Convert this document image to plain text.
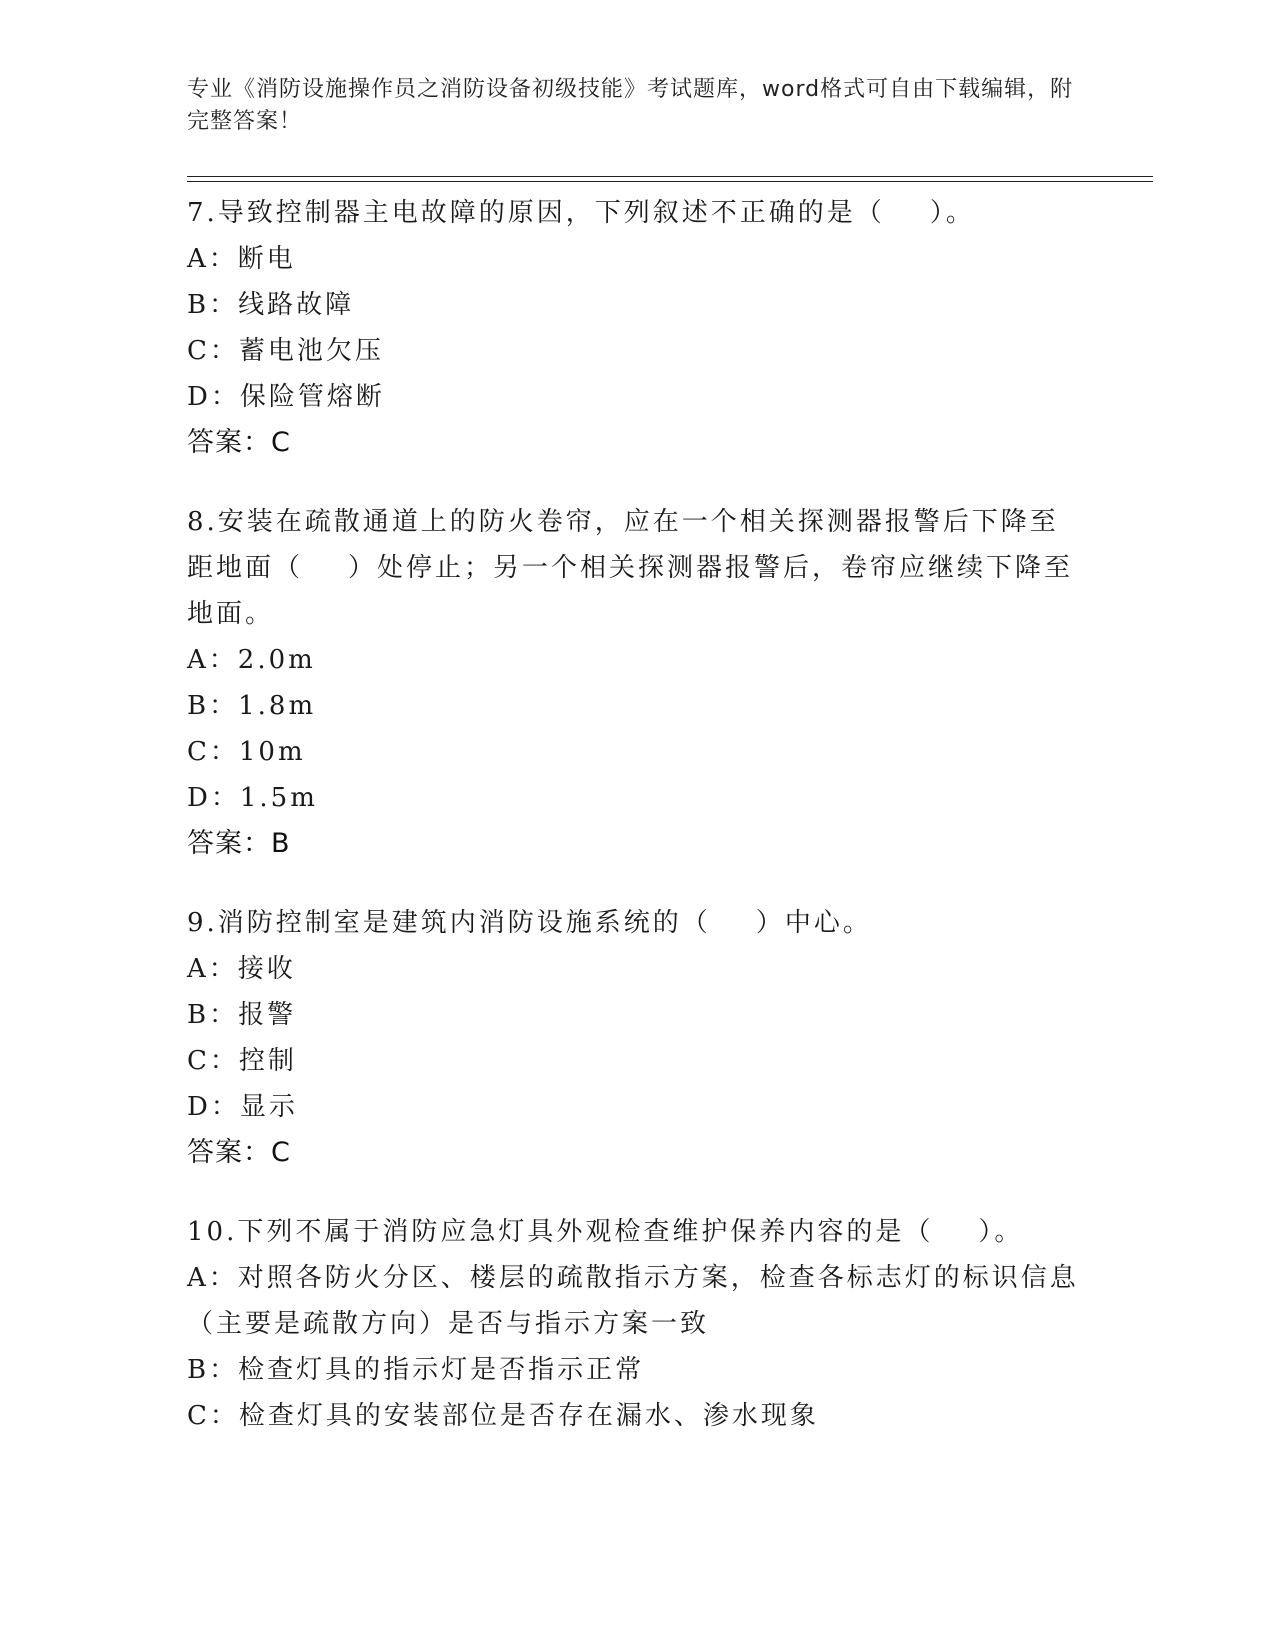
专业《消防设施操作员之消防设备初级技能》考试题库，word格式可自由下载编辑，附完整答案！
7.导致控制器主电故障的原因，下列叙述不正确的是（    ）。
A：断电
B：线路故障
C：蓄电池欠压
D：保险管熔断
答案：C
8.安装在疏散通道上的防火卷帘，应在一个相关探测器报警后下降至
距地面（    ）处停止；另一个相关探测器报警后，卷帘应继续下降至
地面。
A：2.0m
B：1.8m
C：10m
D：1.5m
答案：B
9.消防控制室是建筑内消防设施系统的（    ）中心。
A：接收
B：报警
C：控制
D：显示
答案：C
10.下列不属于消防应急灯具外观检查维护保养内容的是（    ）。
A：对照各防火分区、楼层的疏散指示方案，检查各标志灯的标识信息
（主要是疏散方向）是否与指示方案一致
B：检查灯具的指示灯是否指示正常
C：检查灯具的安装部位是否存在漏水、渗水现象
